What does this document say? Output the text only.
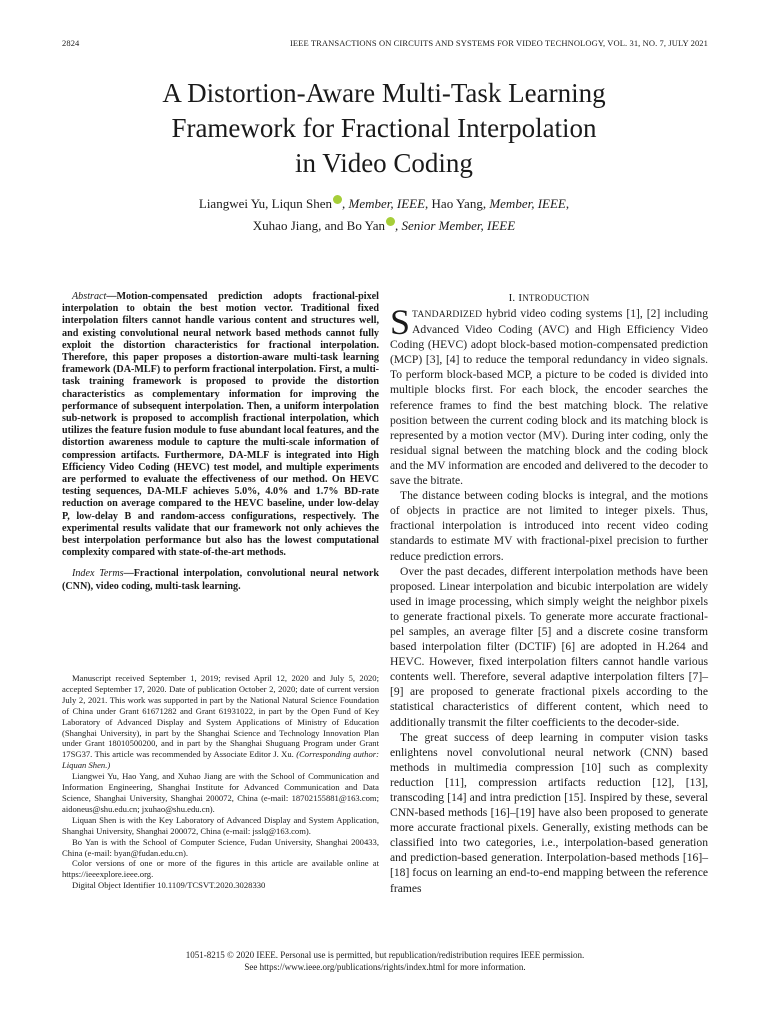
2824	IEEE TRANSACTIONS ON CIRCUITS AND SYSTEMS FOR VIDEO TECHNOLOGY, VOL. 31, NO. 7, JULY 2021
A Distortion-Aware Multi-Task Learning
Framework for Fractional Interpolation
in Video Coding
Liangwei Yu, Liqun Shen , Member, IEEE, Hao Yang, Member, IEEE,
Xuhao Jiang, and Bo Yan , Senior Member, IEEE

Abstract—Motion-compensated prediction adopts fractional-pixel interpolation to obtain the best motion vector. Traditional fixed interpolation filters cannot handle various content and structures well, and existing convolutional neural network based methods cannot fully exploit the distortion characteristics for fractional interpolation. Therefore, this paper proposes a distortion-aware multi-task learning framework (DA-MLF) to perform fractional interpolation. First, a multi-task training framework is proposed to provide the distortion characteristics as complementary information for improving the performance of subsequent interpolation. Then, a uniform interpolation sub-network is proposed to accomplish fractional interpolation, which utilizes the feature fusion module to fuse abundant local features, and the distortion awareness module to capture the multi-scale information of compression artifacts. Furthermore, DA-MLF is integrated into High Efficiency Video Coding (HEVC) test model, and multiple experiments are performed to evaluate the effectiveness of our method. On HEVC testing sequences, DA-MLF achieves 5.0%, 4.0% and 1.7% BD-rate reduction on average compared to the HEVC baseline, under low-delay P, low-delay B and random-access configurations, respectively. The experimental results validate that our framework not only achieves the best interpolation performance but also has the lowest computational complexity compared with state-of-the-art methods.

Index Terms—Fractional interpolation, convolutional neural network (CNN), video coding, multi-task learning.

Manuscript received September 1, 2019; revised April 12, 2020 and July 5, 2020; accepted September 17, 2020. Date of publication October 2, 2020; date of current version July 2, 2021. This work was supported in part by the National Natural Science Foundation of China under Grant 61671282 and Grant 61931022, in part by the Open Fund of Key Laboratory of Advanced Display and System Applications of Ministry of Education (Shanghai University), in part by the Shanghai Science and Technology Innovation Plan under Grant 18010500200, and in part by the Shanghai Shuguang Program under Grant 17SG37. This article was recommended by Associate Editor J. Xu. (Corresponding author: Liquan Shen.)

Liangwei Yu, Hao Yang, and Xuhao Jiang are with the School of Communication and Information Engineering, Shanghai Institute for Advanced Communication and Data Science, Shanghai University, Shanghai 200072, China (e-mail: 18702155881@163.com; aidoneus@shu.edu.cn; jxuhao@shu.edu.cn).

Liquan Shen is with the Key Laboratory of Advanced Display and System Application, Shanghai University, Shanghai 200072, China (e-mail: jsslq@163.com).

Bo Yan is with the School of Computer Science, Fudan University, Shanghai 200433, China (e-mail: byan@fudan.edu.cn).

Color versions of one or more of the figures in this article are available online at https://ieeexplore.ieee.org.

Digital Object Identifier 10.1109/TCSVT.2020.3028330

I. INTRODUCTION

STANDARDIZED hybrid video coding systems [1], [2] including Advanced Video Coding (AVC) and High Efficiency Video Coding (HEVC) adopt block-based motion-compensated prediction (MCP) [3], [4] to reduce the temporal redundancy in video signals. To perform block-based MCP, a picture to be coded is divided into multiple blocks first. For each block, the encoder searches the reference frames to find the best matching block. The relative position between the current coding block and its matching block is represented by a motion vector (MV). During inter coding, only the residual signal between the matching block and the coding block and the MV information are encoded and delivered to the decoder to save the bitrate.

The distance between coding blocks is integral, and the motions of objects in practice are not limited to integer pixels. Thus, fractional interpolation is introduced into recent video coding standards to estimate MV with fractional-pixel precision to further reduce prediction errors.

Over the past decades, different interpolation methods have been proposed. Linear interpolation and bicubic interpolation are widely used in image processing, which simply weight the neighbor pixels to generate fractional pixels. To generate more accurate fractional-pel samples, an average filter [5] and a discrete cosine transform based interpolation filter (DCTIF) [6] are adopted in H.264 and HEVC. However, fixed interpolation filters cannot handle various contents well. Therefore, several adaptive interpolation filters [7]–[9] are proposed to generate fractional pixels according to the statistical characteristics of different content, which need to additionally transmit the filter coefficients to the decoder-side.

The great success of deep learning in computer vision tasks enlightens novel convolutional neural network (CNN) based methods in multimedia compression [10] such as complexity reduction [11], compression artifacts reduction [12], [13], transcoding [14] and intra prediction [15]. Inspired by these, several CNN-based methods [16]–[19] have also been proposed to generate more accurate fractional pixels. Generally, existing methods can be classified into two categories, i.e., interpolation-based generation and prediction-based generation. Interpolation-based methods [16]–[18] focus on learning an end-to-end mapping between the reference frames

1051-8215 © 2020 IEEE. Personal use is permitted, but republication/redistribution requires IEEE permission.
See https://www.ieee.org/publications/rights/index.html for more information.
